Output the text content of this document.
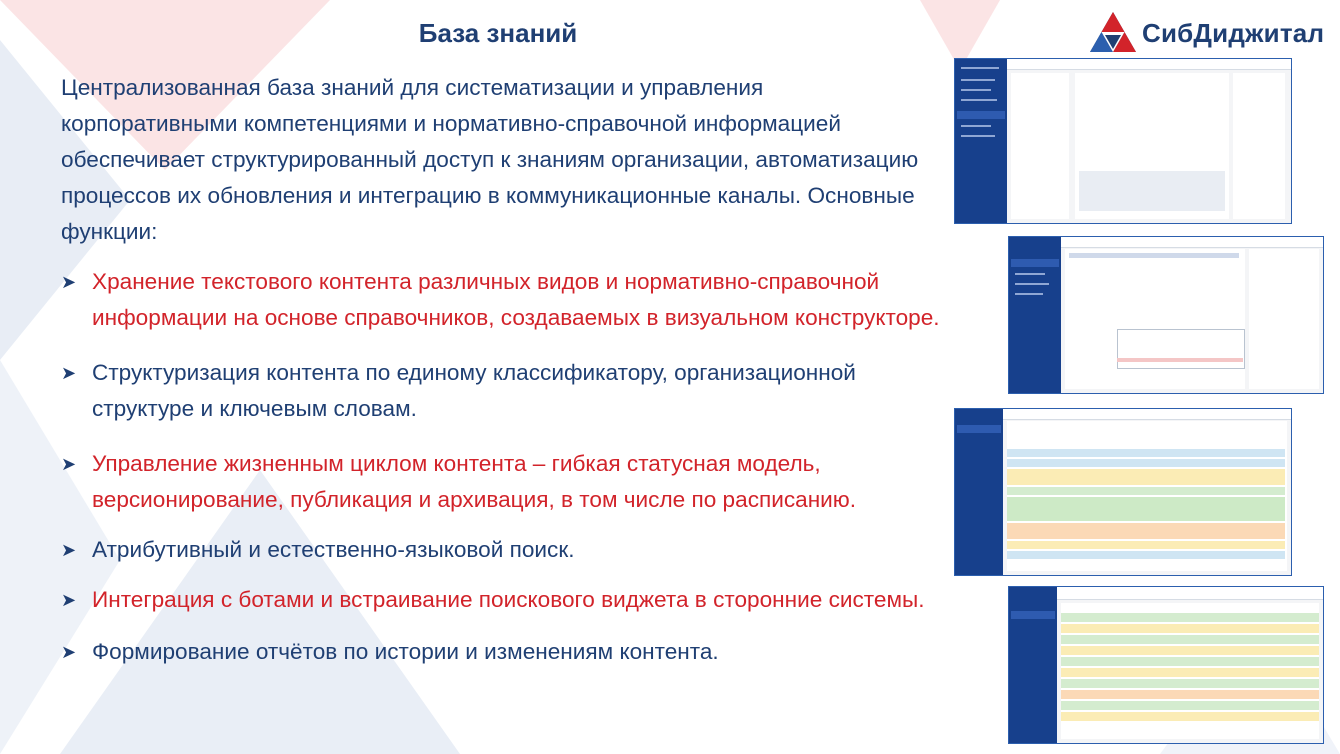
База знаний	СибДиджитал
Централизованная база знаний для систематизации и управления корпоративными компетенциями и нормативно-справочной информацией обеспечивает структурированный доступ к знаниям организации, автоматизацию процессов их обновления и интеграцию в коммуникационные каналы. Основные функции:
➤ Хранение текстового контента различных видов и нормативно-справочной информации на основе справочников, создаваемых в визуальном конструкторе.
➤ Структуризация контента по единому классификатору, организационной структуре и ключевым словам.
➤ Управление жизненным циклом контента – гибкая статусная модель, версионирование, публикация и архивация, в том числе по расписанию.
➤ Атрибутивный и естественно-языковой поиск.
➤ Интеграция с ботами и встраивание поискового виджета в сторонние системы.
➤ Формирование отчётов по истории и изменениям контента.
